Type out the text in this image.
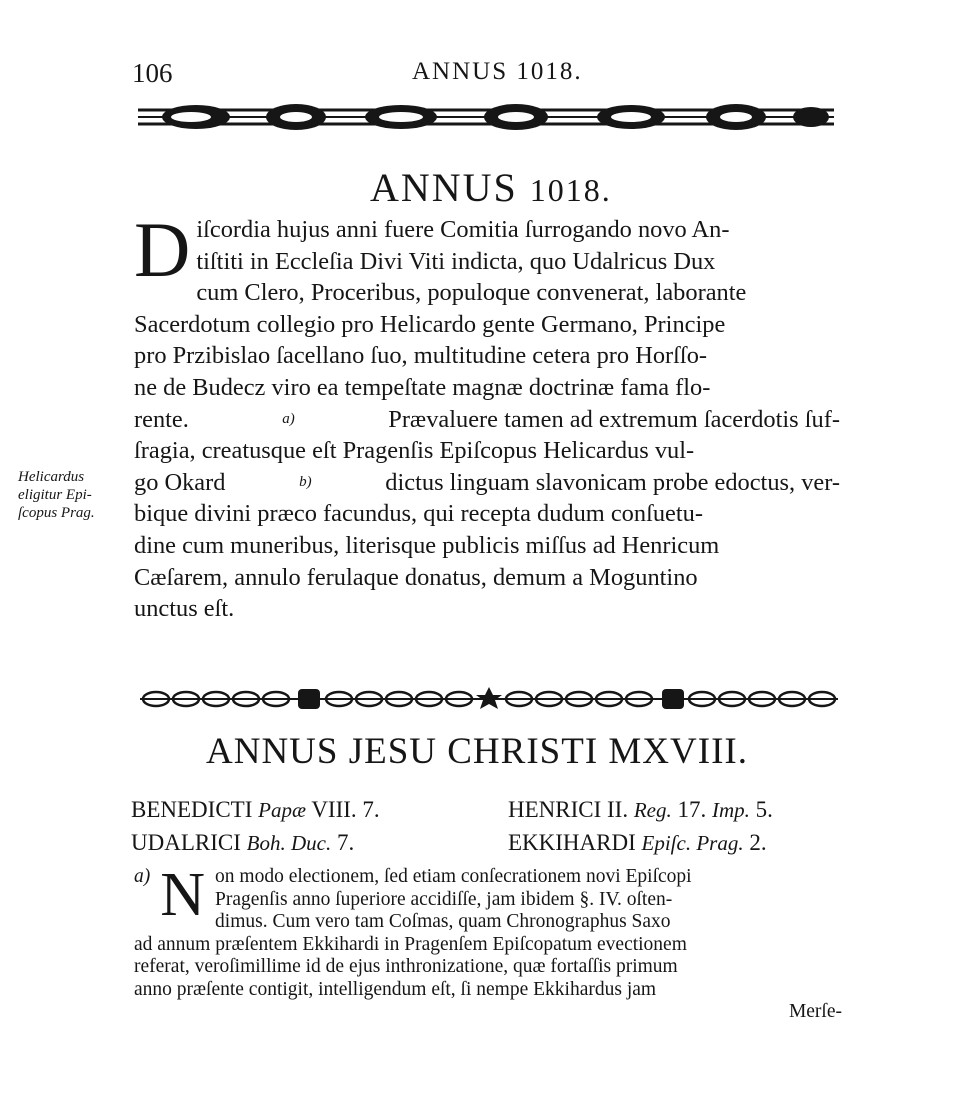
106	ANNUS 1018.
ANNUS 1018.
D iſcordia hujus anni fuere Comitia ſurrogando novo An-
tiſtiti in Eccleſia Divi Viti indicta, quo Udalricus Dux
cum Clero, Proceribus, populoque convenerat, laborante
Sacerdotum collegio pro Helicardo gente Germano, Principe
pro Przibislao ſacellano ſuo, multitudine cetera pro Horſſo-
ne de Budecz viro ea tempeſtate magnæ doctrinæ fama flo-
rente.	a)	Prævaluere tamen ad extremum ſacerdotis ſuf-
ſragia, creatusque eſt Pragenſis Epiſcopus Helicardus vul-
go Okard	b)	dictus linguam slavonicam probe edoctus, ver-
bique divini præco facundus, qui recepta dudum conſuetu-
dine cum muneribus, literisque publicis miſſus ad Henricum
Cæſarem, annulo ferulaque donatus, demum a Moguntino
unctus eſt.
Helicardus
eligitur Epi-
ſcopus Prag.
ANNUS JESU CHRISTI MXVIII.
BENEDICTI Papæ VIII. 7.	HENRICI II. Reg. 17. Imp. 5.
UDALRICI Boh. Duc. 7.	EKKIHARDI Epiſc. Prag. 2.
a) N on modo electionem, ſed etiam conſecrationem novi Epiſcopi
Pragenſis anno ſuperiore accidiſſe, jam ibidem §. IV. oſten-
dimus. Cum vero tam Coſmas, quam Chronographus Saxo
ad annum præſentem Ekkihardi in Pragenſem Epiſcopatum evectionem
referat, veroſimillime id de ejus inthronizatione, quæ fortaſſis primum
anno præſente contigit, intelligendum eſt, ſi nempe Ekkihardus jam
Merſe-
